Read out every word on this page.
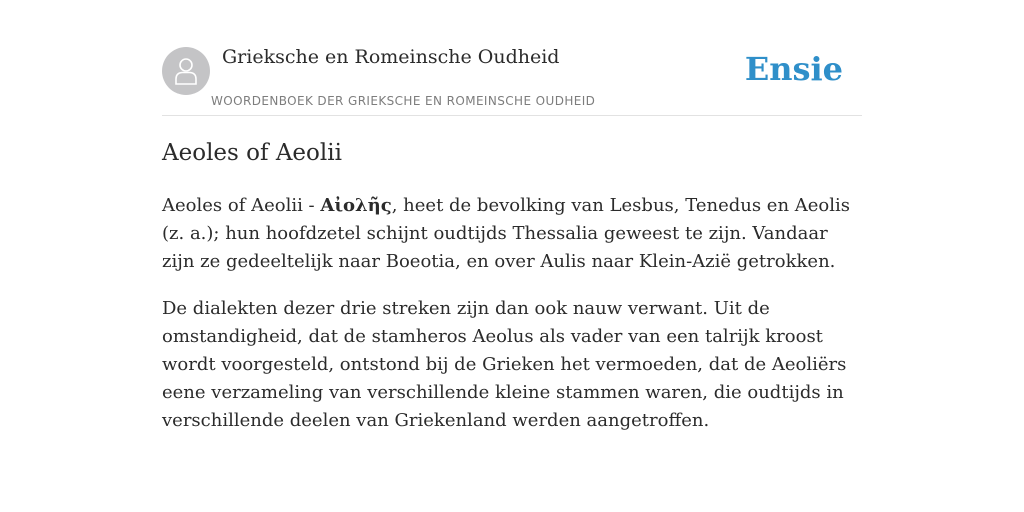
Grieksche en Romeinsche Oudheid
WOORDENBOEK DER GRIEKSCHE EN ROMEINSCHE OUDHEID
Ensie
Aeoles of Aeolii

Aeoles of Aeolii - Αἰολῆς, heet de bevolking van Lesbus, Tenedus en Aeolis (z. a.); hun hoofdzetel schijnt oudtijds Thessalia geweest te zijn. Vandaar zijn ze gedeeltelijk naar Boeotia, en over Aulis naar Klein-Azië getrokken.

De dialekten dezer drie streken zijn dan ook nauw verwant. Uit de omstandigheid, dat de stamheros Aeolus als vader van een talrijk kroost wordt voorgesteld, ontstond bij de Grieken het vermoeden, dat de Aeoliërs eene verzameling van verschillende kleine stammen waren, die oudtijds in verschillende deelen van Griekenland werden aangetroffen.
